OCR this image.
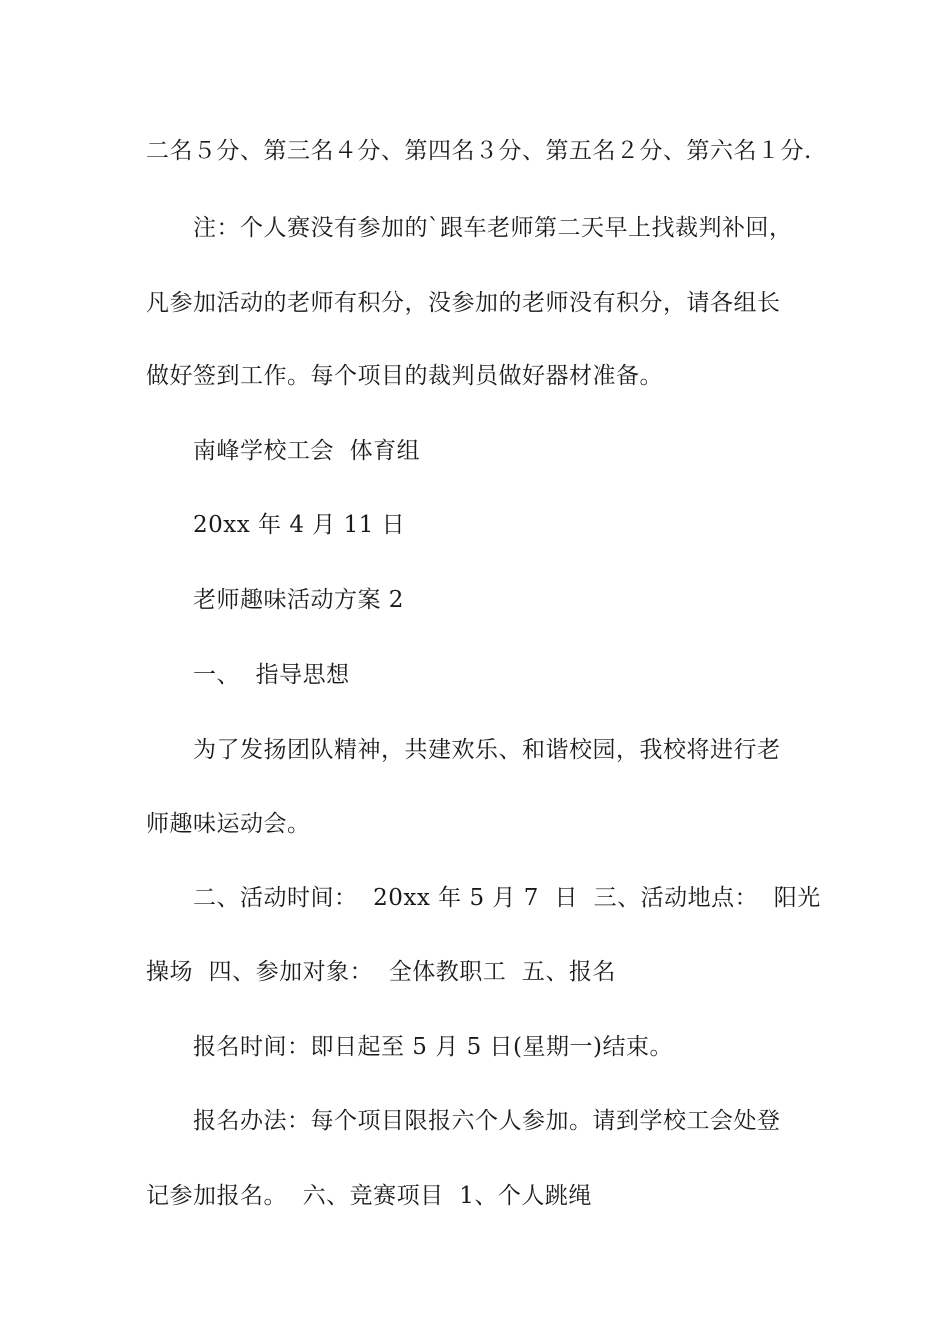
二名５分、第三名４分、第四名３分、第五名２分、第六名１分.
注：个人赛没有参加的`跟车老师第二天早上找裁判补回，
凡参加活动的老师有积分，没参加的老师没有积分，请各组长
做好签到工作。每个项目的裁判员做好器材准备。
南峰学校工会  体育组
20xx 年 4 月 11 日
老师趣味活动方案 2
一、  指导思想
为了发扬团队精神，共建欢乐、和谐校园，我校将进行老
师趣味运动会。
二、活动时间：  20xx 年 5 月 7  日  三、活动地点：  阳光
操场  四、参加对象：  全体教职工  五、报名
报名时间：即日起至 5 月 5 日(星期一)结束。
报名办法：每个项目限报六个人参加。请到学校工会处登
记参加报名。  六、竞赛项目  1、个人跳绳
